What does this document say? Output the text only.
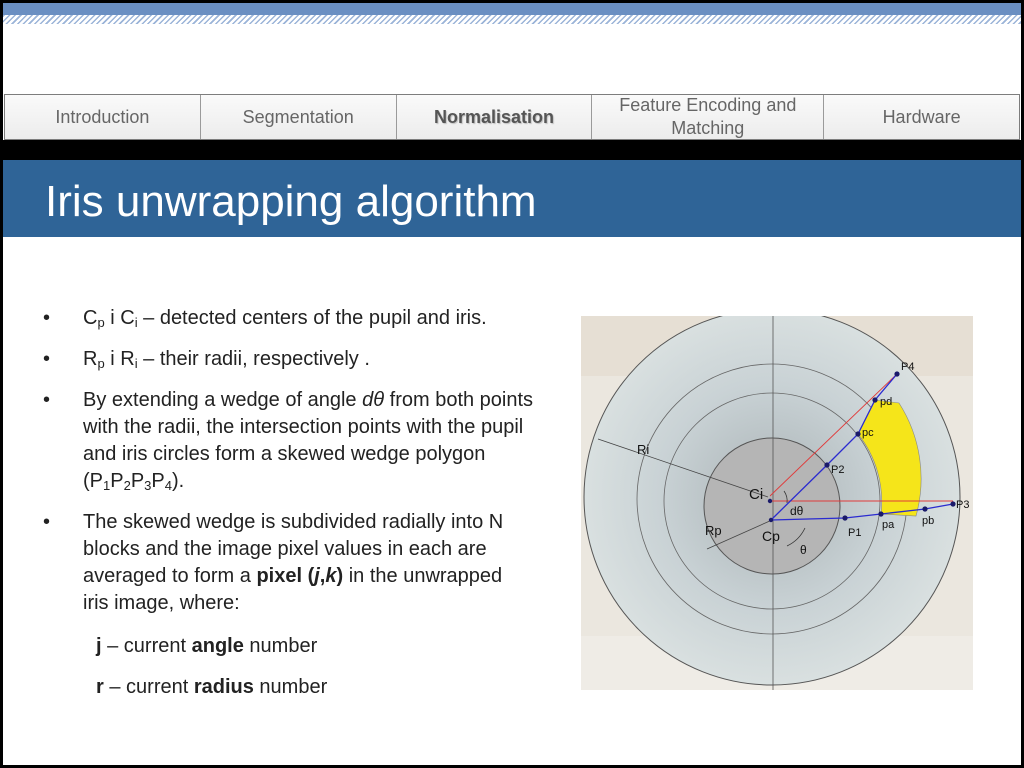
Introduction	Segmentation	Normalisation
Feature Encoding and Matching
Hardware
Iris unwrapping algorithm
• $C_p$ i $C_i$ – detected centers of the pupil and iris.
• $R_p$ i $R_i$ – their radii, respectively .
• By extending a wedge of angle dθ from both points with the radii, the intersection points with the pupil and iris circles form a skewed wedge polygon $(P_1P_2P_3P_4)$.
• The skewed wedge is subdivided radially into N blocks and the image pixel values in each are averaged to form a pixel (j,k) in the unwrapped iris image, where:
j – current angle number
r – current radius number
Ri
Rp
Ci
Cp
dθ
θ
P1
pa	pb
P3
P2
pc
pd
P4
